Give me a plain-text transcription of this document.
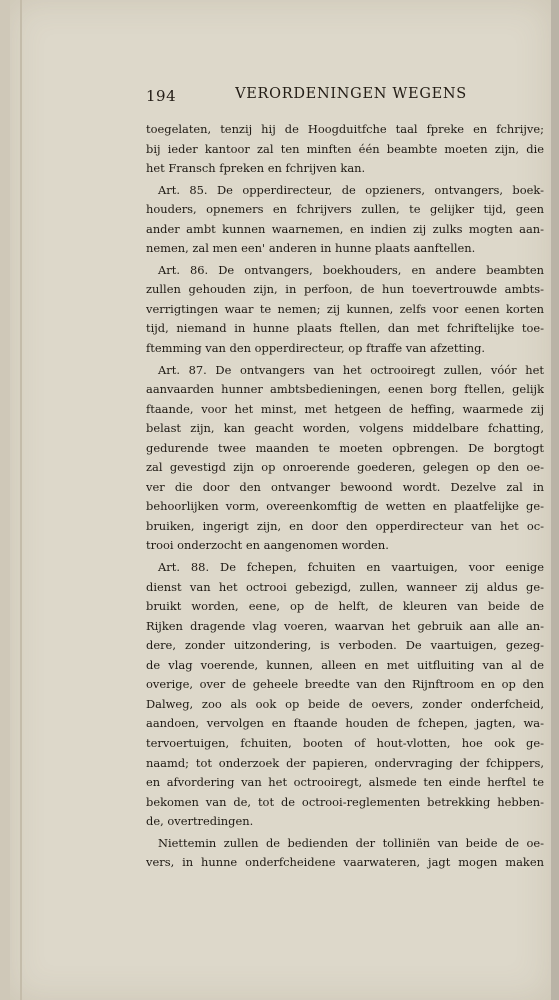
194	VERORDENINGEN WEGENS
toegelaten, tenzij hij de Hoogduitfche taal fpreke en fchrijve;
bij ieder kantoor zal ten minften één beambte moeten zijn, die
het Fransch fpreken en fchrijven kan.
Art. 85. De opperdirecteur, de opzieners, ontvangers, boek-
houders, opnemers en fchrijvers zullen, te gelijker tijd, geen
ander ambt kunnen waarnemen, en indien zij zulks mogten aan-
nemen, zal men een' anderen in hunne plaats aanftellen.
Art. 86. De ontvangers, boekhouders, en andere beambten
zullen gehouden zijn, in perfoon, de hun toevertrouwde ambts-
verrigtingen waar te nemen; zij kunnen, zelfs voor eenen korten
tijd, niemand in hunne plaats ftellen, dan met fchriftelijke toe-
ftemming van den opperdirecteur, op ftraffe van afzetting.
Art. 87. De ontvangers van het octrooiregt zullen, vóór het
aanvaarden hunner ambtsbedieningen, eenen borg ftellen, gelijk
ftaande, voor het minst, met hetgeen de heffing, waarmede zij
belast zijn, kan geacht worden, volgens middelbare fchatting,
gedurende twee maanden te moeten opbrengen. De borgtogt
zal gevestigd zijn op onroerende goederen, gelegen op den oe-
ver die door den ontvanger bewoond wordt. Dezelve zal in
behoorlijken vorm, overeenkomftig de wetten en plaatfelijke ge-
bruiken, ingerigt zijn, en door den opperdirecteur van het oc-
trooi onderzocht en aangenomen worden.
Art. 88. De fchepen, fchuiten en vaartuigen, voor eenige
dienst van het octrooi gebezigd, zullen, wanneer zij aldus ge-
bruikt worden, eene, op de helft, de kleuren van beide de
Rijken dragende vlag voeren, waarvan het gebruik aan alle an-
dere, zonder uitzondering, is verboden. De vaartuigen, gezeg-
de vlag voerende, kunnen, alleen en met uitfluiting van al de
overige, over de geheele breedte van den Rijnftroom en op den
Dalweg, zoo als ook op beide de oevers, zonder onderfcheid,
aandoen, vervolgen en ftaande houden de fchepen, jagten, wa-
tervoertuigen, fchuiten, booten of hout-vlotten, hoe ook ge-
naamd; tot onderzoek der papieren, ondervraging der fchippers,
en afvordering van het octrooiregt, alsmede ten einde herftel te
bekomen van de, tot de octrooi-reglementen betrekking hebben-
de, overtredingen.
Niettemin zullen de bedienden der tolliniën van beide de oe-
vers, in hunne onderfcheidene vaarwateren, jagt mogen maken
